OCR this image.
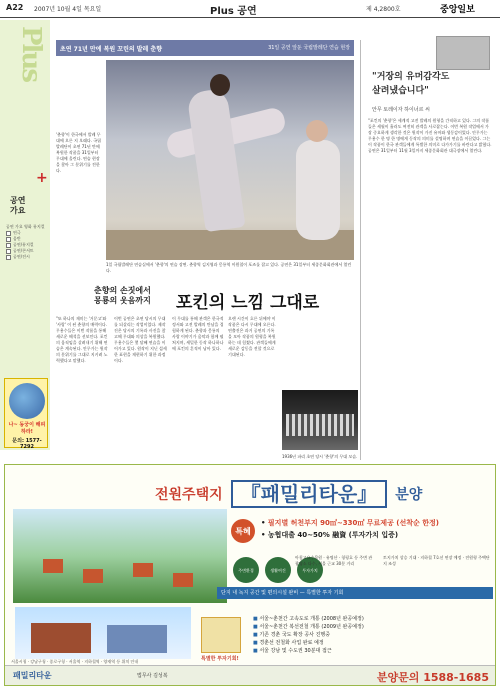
A22 2007년 10월 4일 목요일	Plus 공연	제 4,2800호	중앙일보
Plus
+
공연
가요
공연 가요 영화 뮤지컬
연극
음반
공연/뮤지컬
공연/콘서트
공연/전시
나~ 동궁이 해피하라!
문의: 1577-7292
초연 71년 만에 복원 꼬린의 발레 춘향	31일 공연 앞둔 국립발레단 연습 현장
'춘향'이 한국에서 발레 무대에 오른 지 오래다. 국립발레단이 초연 71년 만에 복원한 작품을 31일부터 무대에 올린다. 연습 현장을 찾아 그 분위기를 전한다.
1일 국립발레단 연습실에서 '춘향'의 연습 장면. 춘향역 김지영과 몽룡역 이원철이 포즈를 잡고 있다. 공연은 31일부터 세종문화회관에서 열린다.
춘향의 손짓에서
몽룡의 웃음까지 포킨의 느낌 그대로
"또 하나의 재미는 '거문고'와 '사랑' 이 된 춘향의 매력이다. 무용수들은 이번 작품을 통해 새로운 해석을 선보인다. 포킨의 움직임을 살려내기 위해 연습은 계속된다. 안무가는 원작의 분위기를 그대로 지키려 노력했다고 말했다.
이번 공연은 초연 당시의 무대를 되살리는 작업이었다. 제작진은 당시의 기록과 사진을 참고해 무대와 의상을 복원했다. 무용수들은 몇 달째 연습을 이어가고 있다. 원작이 지닌 섬세한 표현을 재현하기 위한 과정이다.
이 무대를 통해 관객은 한국적 정서와 고전 발레의 만남을 경험하게 된다. 춘향과 몽룡의 사랑 이야기가 음악과 함께 펼쳐지며, 세밀한 동작 하나하나에 포킨의 흔적이 남아 있다.
오랜 시간이 흐른 뒤에야 이 작품은 다시 무대에 오른다. 연출진은 과거 공연의 기록을 모아 작품의 원형을 복원하는 데 힘썼다. 관객들에게 새로운 감동을 전할 것으로 기대된다.
1936년 파리 초연 당시 '춘향'의 무대 모습.
"거장의 유머감각도
살려냈습니다"
안무 토레이자 하이너르 씨
"포킨의 '춘향'은 세계적 고전 발레의 원형을 간직하고 있다. 그의 작품들은 세월이 흘러도 여전히 관객을 사로잡는다. 이번 복원 작업에서 가장 중요하게 생각한 것은 원작이 가진 유머와 생동감이었다. 안무가는 무용수 한 명 한 명에게 동작의 의미를 설명하며 연습을 이끌었다. 그는 이 작품이 한국 관객들에게 특별한 의미로 다가가기를 바란다고 밝혔다. 공연은 31일부터 11월 3일까지 세종문화회관 대극장에서 열린다.
전원주택지 『패밀리타운』	분양
특혜
• 필지별 허천부지 90㎡~330㎡ 무료제공 (선착순 한정)
• 농협대출 40~50% 融資 (투자가치 입증)
주변환경	생활여건	투자가치
아침고요수목원 · 유명산 · 청평호 등 주변 관광명소 다수, 서울 근교 30분 거리
토지가치 상승 기대 · 지하철 7호선 연장 예정 · 전원형 주택단지 조성
단지 내 녹지 공간 및 편의시설 완비 — 특별한 투자 기회
특별한 투자기회!
■ 서울~춘천간 고속도로 개통 (2008년 완공예정)
■ 서울~춘천간 복선전철 개통 (2009년 완공예정)
■ 기존 경춘 국도 확장 공사 진행중
■ 경춘선 전철화 사업 완료 예정
■ 서울 강남 및 수도권 30분대 접근
서울시청 · 강남구청 · 종로구청 · 서울역 · 지하철역 · 양재역 등 위치 안내
패밀리타운	법무사 김성복	분양문의 1588-1685
